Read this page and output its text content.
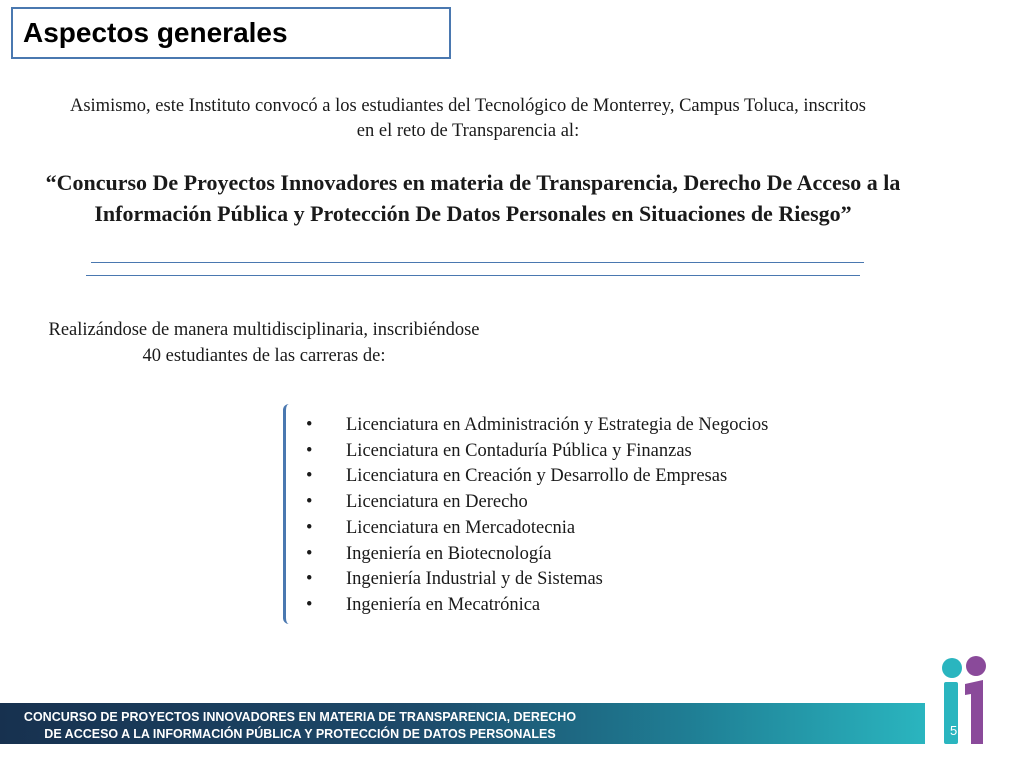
Aspectos generales
Asimismo, este Instituto convocó a los estudiantes del Tecnológico de Monterrey, Campus Toluca, inscritos en el reto de Transparencia al:
“Concurso De Proyectos Innovadores en materia de Transparencia, Derecho De Acceso a la Información Pública y Protección De Datos Personales en Situaciones de Riesgo”
Realizándose de manera multidisciplinaria, inscribiéndose 40 estudiantes de las carreras de:
•	Licenciatura en Administración y Estrategia de Negocios
•	Licenciatura en Contaduría Pública y Finanzas
•	Licenciatura en Creación y Desarrollo de Empresas
•	Licenciatura en Derecho
•	Licenciatura en Mercadotecnia
•	Ingeniería en Biotecnología
•	Ingeniería Industrial y de Sistemas
•	Ingeniería en Mecatrónica
CONCURSO DE PROYECTOS INNOVADORES EN MATERIA DE TRANSPARENCIA, DERECHO
DE ACCESO A LA INFORMACIÓN PÚBLICA Y PROTECCIÓN DE DATOS PERSONALES	5
